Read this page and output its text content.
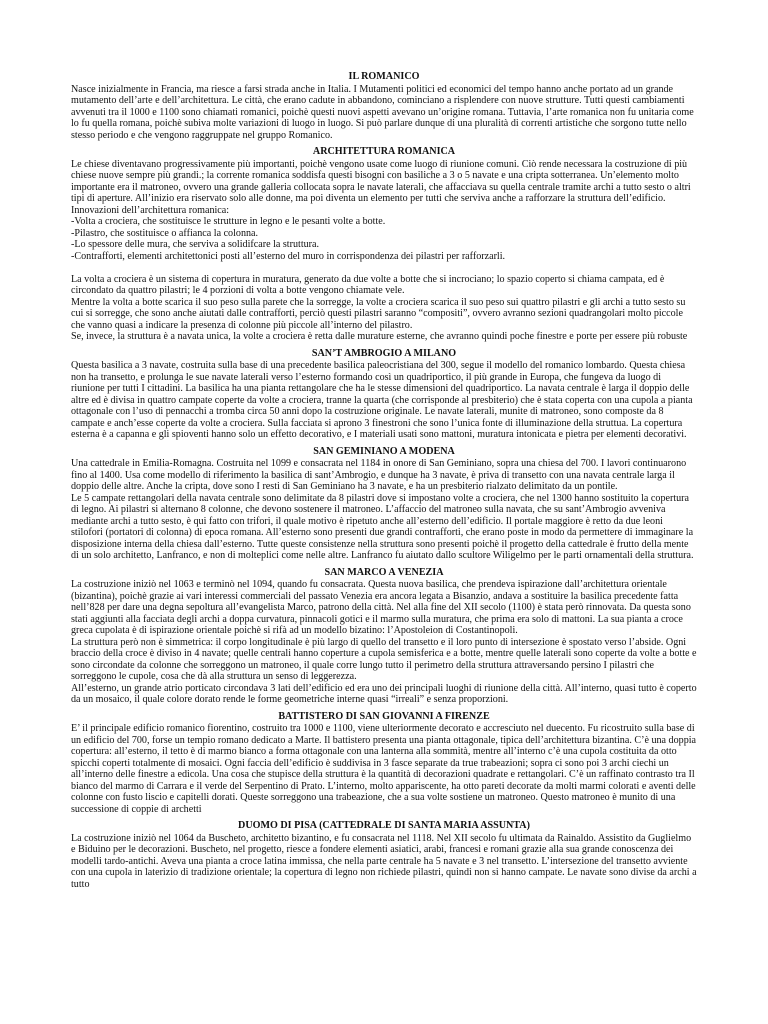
IL ROMANICO

Nasce inizialmente in Francia, ma riesce a farsi strada anche in Italia. I Mutamenti politici ed economici del tempo hanno anche portato ad un grande mutamento dell’arte e dell’architettura. Le città, che erano cadute in abbandono, cominciano a risplendere con nuove strutture. Tutti questi cambiamenti avvenuti tra il 1000 e 1100 sono chiamati romanici, poichè questi nuovi aspetti avevano un’origine romana. Tuttavia, l’arte romanica non fu unitaria come lo fu quella romana, poichè subiva molte variazioni di luogo in luogo. Si può parlare dunque di una pluralità di correnti artistiche che sorgono tutte nello stesso periodo e che vengono raggruppate nel gruppo Romanico.

ARCHITETTURA ROMANICA

Le chiese diventavano progressivamente più importanti, poichè vengono usate come luogo di riunione comuni. Ciò rende necessara la costruzione di più chiese nuove sempre più grandi.; la corrente romanica soddisfa questi bisogni con basiliche a 3 o 5 navate e una cripta sotterranea. Un’elemento molto importante era il matroneo, ovvero una grande galleria collocata sopra le navate laterali, che affacciava su quella centrale tramite archi a tutto sesto o altri tipi di aperture. All’inizio era riservato solo alle donne, ma poi diventa un elemento per tutti che serviva anche a rafforzare la struttura dell’edificio.

Innovazioni dell’architettura romanica:

-Volta a crociera, che sostituisce le strutture in legno e le pesanti volte a botte.

-Pilastro, che sostituisce o affianca la colonna.

-Lo spessore delle mura, che serviva a solidifcare la struttura.

-Contrafforti, elementi architettonici posti all’esterno del muro in corrispondenza dei pilastri per rafforzarli.

La volta a crociera è un sistema di copertura in muratura, generato da due volte a botte che si incrociano; lo spazio coperto si chiama campata, ed è circondato da quattro pilastri; le 4 porzioni di volta a botte vengono chiamate vele.

Mentre la volta a botte scarica il suo peso sulla parete che la sorregge, la volte a crociera scarica il suo peso sui quattro pilastri e gli archi a tutto sesto su cui si sorregge, che sono anche aiutati dalle contrafforti, perciò questi pilastri saranno “compositi”, ovvero avranno sezioni quadrangolari molto piccole che vanno quasi a indicare la presenza di colonne più piccole all’interno del pilastro.

Se, invece, la struttura è a navata unica, la volte a crociera è retta dalle murature esterne, che avranno quindi poche finestre e porte per essere più robuste

SAN’T AMBROGIO A MILANO

Questa basilica a 3 navate, costruita sulla base di una precedente basilica paleocristiana del 300, segue il modello del romanico lombardo. Questa chiesa non ha transetto, e prolunga le sue navate laterali verso l’esterno formando così un quadriportico, il più grande in Europa, che fungeva da luogo di riunione per tutti I cittadini. La basilica ha una pianta rettangolare che ha le stesse dimensioni del quadriportico. La navata centrale è larga il doppio delle altre ed è divisa in quattro campate coperte da volte a crociera, tranne la quarta (che corrisponde al presbiterio) che è stata coperta con una cupola a pianta ottagonale con l’uso di pennacchi a tromba circa 50 anni dopo la costruzione originale. Le navate laterali, munite di matroneo, sono composte da 8 campate e anch’esse coperte da volte a crociera. Sulla facciata si aprono 3 finestroni che sono l’unica fonte di illuminazione della struttua. La copertura esterna è a capanna e gli spioventi hanno solo un effetto decorativo, e I materiali usati sono mattoni, muratura intonicata e pietra per elementi decorativi.

SAN GEMINIANO A MODENA

Una cattedrale in Emilia-Romagna. Costruita nel 1099 e consacrata nel 1184 in onore di San Geminiano, sopra una chiesa del 700. I lavori continuarono fino al 1400. Usa come modello di riferimento la basilica di sant’Ambrogio, e dunque ha 3 navate, è priva di transetto con una navata centrale larga il doppio delle altre. Anche la cripta, dove sono I resti di San Geminiano ha 3 navate, e ha un presbiterio rialzato delimitato da un pontile.

Le 5 campate rettangolari della navata centrale sono delimitate da 8 pilastri dove si impostano volte a crociera, che nel 1300 hanno sostituito la copertura di legno. Ai pilastri si alternano 8 colonne, che devono sostenere il matroneo. L’affaccio del matroneo sulla navata, che su sant’Ambrogio avveniva mediante archi a tutto sesto, è qui fatto con trifori, il quale motivo è ripetuto anche all’esterno dell’edificio. Il portale maggiore è retto da due leoni stilofori (portatori di colonna) di epoca romana. All’esterno sono presenti due grandi contrafforti, che erano poste in modo da permettere di immaginare la disposizione interna della chiesa dall’esterno. Tutte queste consistenze nella struttura sono presenti poichè il progetto della cattedrale è frutto della mente di un solo architetto, Lanfranco, e non di molteplici come nelle altre. Lanfranco fu aiutato dallo scultore Wiligelmo per le parti ornamentali della struttura.

SAN MARCO A VENEZIA

La costruzione iniziò nel 1063 e terminò nel 1094, quando fu consacrata. Questa nuova basilica, che prendeva ispirazione dall’architettura orientale (bizantina), poichè grazie ai vari interessi commerciali del passato Venezia era ancora legata a Bisanzio, andava a sostituire la basilica precedente fatta nell’828 per dare una degna sepoltura all’evangelista Marco, patrono della città. Nel alla fine del XII secolo (1100) è stata però rinnovata. Da questa sono stati aggiunti alla facciata degli archi a doppa curvatura, pinnacoli gotici e il marmo sulla muratura, che prima era solo di mattoni. La sua pianta a croce greca cupolata è di ispirazione orientale poichè si rifà ad un modello bizatino: l’Apostoleion di Costantinopoli.

La struttura però non è simmetrica: il corpo longitudinale è più largo di quello del transetto e il loro punto di intersezione è spostato verso l’abside. Ogni braccio della croce è diviso in 4 navate; quelle centrali hanno coperture a cupola semisferica e a botte, mentre quelle laterali sono coperte da volte a botte e sono circondate da colonne che sorreggono un matroneo, il quale corre lungo tutto il perimetro della struttura attraversando persino I pilastri che sorreggono le cupole, cosa che dà alla struttura un senso di leggerezza.

All’esterno, un grande atrio porticato circondava 3 lati dell’edificio ed era uno dei principali luoghi di riunione della città. All’interno, quasi tutto è coperto da un mosaico, il quale colore dorato rende le forme geometriche interne quasi “irreali” e senza proporzioni.

BATTISTERO DI SAN GIOVANNI A FIRENZE

E’ il principale edificio romanico fiorentino, costruito tra 1000 e 1100, viene ulteriormente decorato e accresciuto nel duecento. Fu ricostruito sulla base di un edificio del 700, forse un tempio romano dedicato a Marte. Il battistero presenta una pianta ottagonale, tipica dell’architettura bizantina. C’è una doppia copertura: all’esterno, il tetto è di marmo bianco a forma ottagonale con una lanterna alla sommità, mentre all’interno c’è una cupola costituita da otto spicchi coperti totalmente di mosaici. Ogni faccia dell’edificio è suddivisa in 3 fasce separate da true trabeazioni; sopra ci sono poi 3 archi ciechi un all’interno delle finestre a edicola. Una cosa che stupisce della struttura è la quantità di decorazioni quadrate e rettangolari. C’è un raffinato contrasto tra Il bianco del marmo di Carrara e il verde del Serpentino di Prato. L’interno, molto appariscente, ha otto pareti decorate da molti marmi colorati e aventi delle colonne con fusto liscio e capitelli dorati. Queste sorreggono una trabeazione, che a sua volte sostiene un matroneo. Questo matroneo è munito di una successione di coppie di archetti

DUOMO DI PISA (CATTEDRALE DI SANTA MARIA ASSUNTA)

La costruzione iniziò nel 1064 da Buscheto, architetto bizantino, e fu consacrata nel 1118. Nel XII secolo fu ultimata da Rainaldo. Assistito da Guglielmo e Biduino per le decorazioni. Buscheto, nel progetto, riesce a fondere elementi asiatici, arabi, francesi e romani grazie alla sua grande conoscenza dei modelli tardo-antichi. Aveva una pianta a croce latina immissa, che nella parte centrale ha 5 navate e 3 nel transetto. L’intersezione del transetto avviente con una cupola in laterizio di tradizione orientale; la copertura di legno non richiede pilastri, quindi non si hanno campate. Le navate sono divise da archi a tutto
